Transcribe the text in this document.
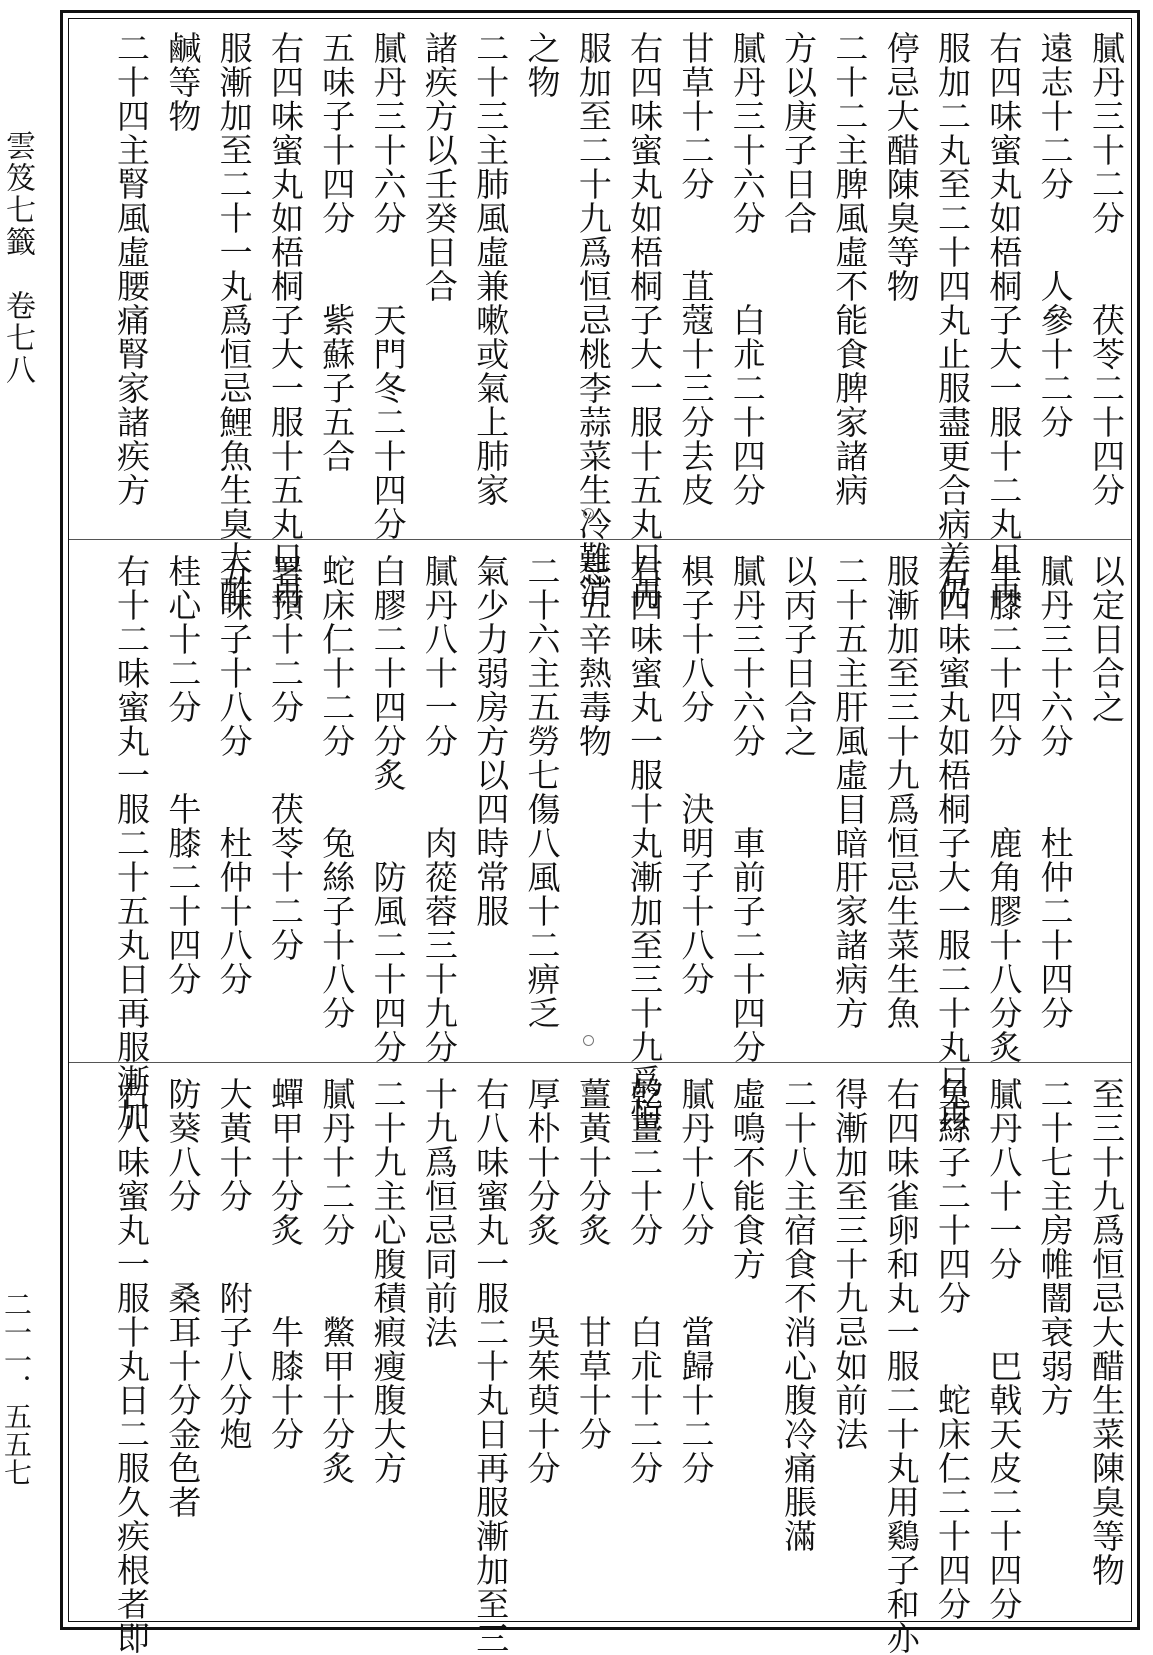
雲笈七籤　卷七八
二一一．五五七
膩丹三十二分　　茯苓二十四分
遠志十二分　　人參十二分
右四味蜜丸如梧桐子大一服十二丸日再
服加二丸至二十四丸止服盡更合病差仍
停忌大醋陳臭等物
二十二主脾風虛不能食脾家諸病
方以庚子日合
膩丹三十六分　　白朮二十四分
甘草十二分　　苴蔻十三分去皮
右四味蜜丸如梧桐子大一服十五丸日再
服加至二十九爲恒忌桃李蒜菜生冷難消
之物
二十三主肺風虛兼嗽或氣上肺家
諸疾方以壬癸日合
膩丹三十六分　　天門冬二十四分
五味子十四分　　紫蘇子五合
右四味蜜丸如梧桐子大一服十五丸日再
服漸加至二十一丸爲恒忌鯉魚生臭大酢
鹹等物
二十四主腎風虛腰痛腎家諸疾方
以定日合之
膩丹三十六分　　杜仲二十四分
牛膝二十四分　　鹿角膠十八分炙
右四味蜜丸如梧桐子大一服二十丸日再
服漸加至三十九爲恒忌生菜生魚
二十五主肝風虛目暗肝家諸病方
以丙子日合之
膩丹三十六分　　車前子二十四分
椇子十八分　　決明子十八分
右四味蜜丸一服十丸漸加至三十九爲恒
忌五辛熱毒物
二十六主五勞七傷八風十二痹乏
氣少力弱房方以四時常服
膩丹八十一分　　肉蓯蓉三十九分
白膠二十四分炙　　防風二十四分
蛇床仁十二分　　兔絲子十八分
署預十二分　　茯苓十二分
五味子十八分　　杜仲十八分
桂心十二分　　牛膝二十四分
右十二味蜜丸一服二十五丸日再服漸加
至三十九爲恒忌大醋生菜陳臭等物
二十七主房帷闇衰弱方
膩丹八十一分　　巴戟天皮二十四分
兔絲子二十四分　　蛇床仁二十四分
右四味雀卵和丸一服二十丸用鷄子和亦
得漸加至三十九忌如前法
二十八主宿食不消心腹冷痛脹滿
虛鳴不能食方
膩丹十八分　　當歸十二分
乾薑二十分　　白朮十二分
薑黃十分炙　　甘草十分
厚朴十分炙　　吳茱萸十分
右八味蜜丸一服二十丸日再服漸加至三
十九爲恒忌同前法
二十九主心腹積瘕瘦腹大方
膩丹十二分　　鱉甲十分炙
蟬甲十分炙　　牛膝十分
大黃十分　　附子八分炮
防葵八分　　桑耳十分金色者
右八味蜜丸一服十丸日二服久疾根者即
